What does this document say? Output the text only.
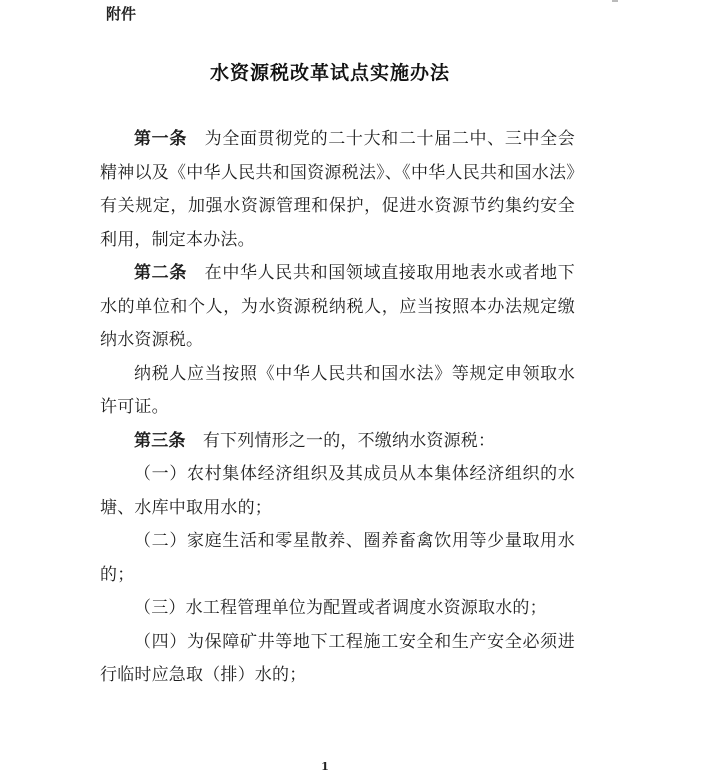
附件
水资源税改革试点实施办法

第一条　 为全面贯彻党的二十大和二十届二中、三中全会精神以及《中华人民共和国资源税法》、《中华人民共和国水法》有关规定，加强水资源管理和保护，促进水资源节约集约安全利用，制定本办法。

第二条　 在中华人民共和国领域直接取用地表水或者地下水的单位和个人，为水资源税纳税人，应当按照本办法规定缴纳水资源税。

纳税人应当按照《中华人民共和国水法》等规定申领取水许可证。

第三条　 有下列情形之一的，不缴纳水资源税：

（一）农村集体经济组织及其成员从本集体经济组织的水塘、水库中取用水的；

（二）家庭生活和零星散养、圈养畜禽饮用等少量取用水的；

（三）水工程管理单位为配置或者调度水资源取水的；

（四）为保障矿井等地下工程施工安全和生产安全必须进行临时应急取（排）水的；

1
